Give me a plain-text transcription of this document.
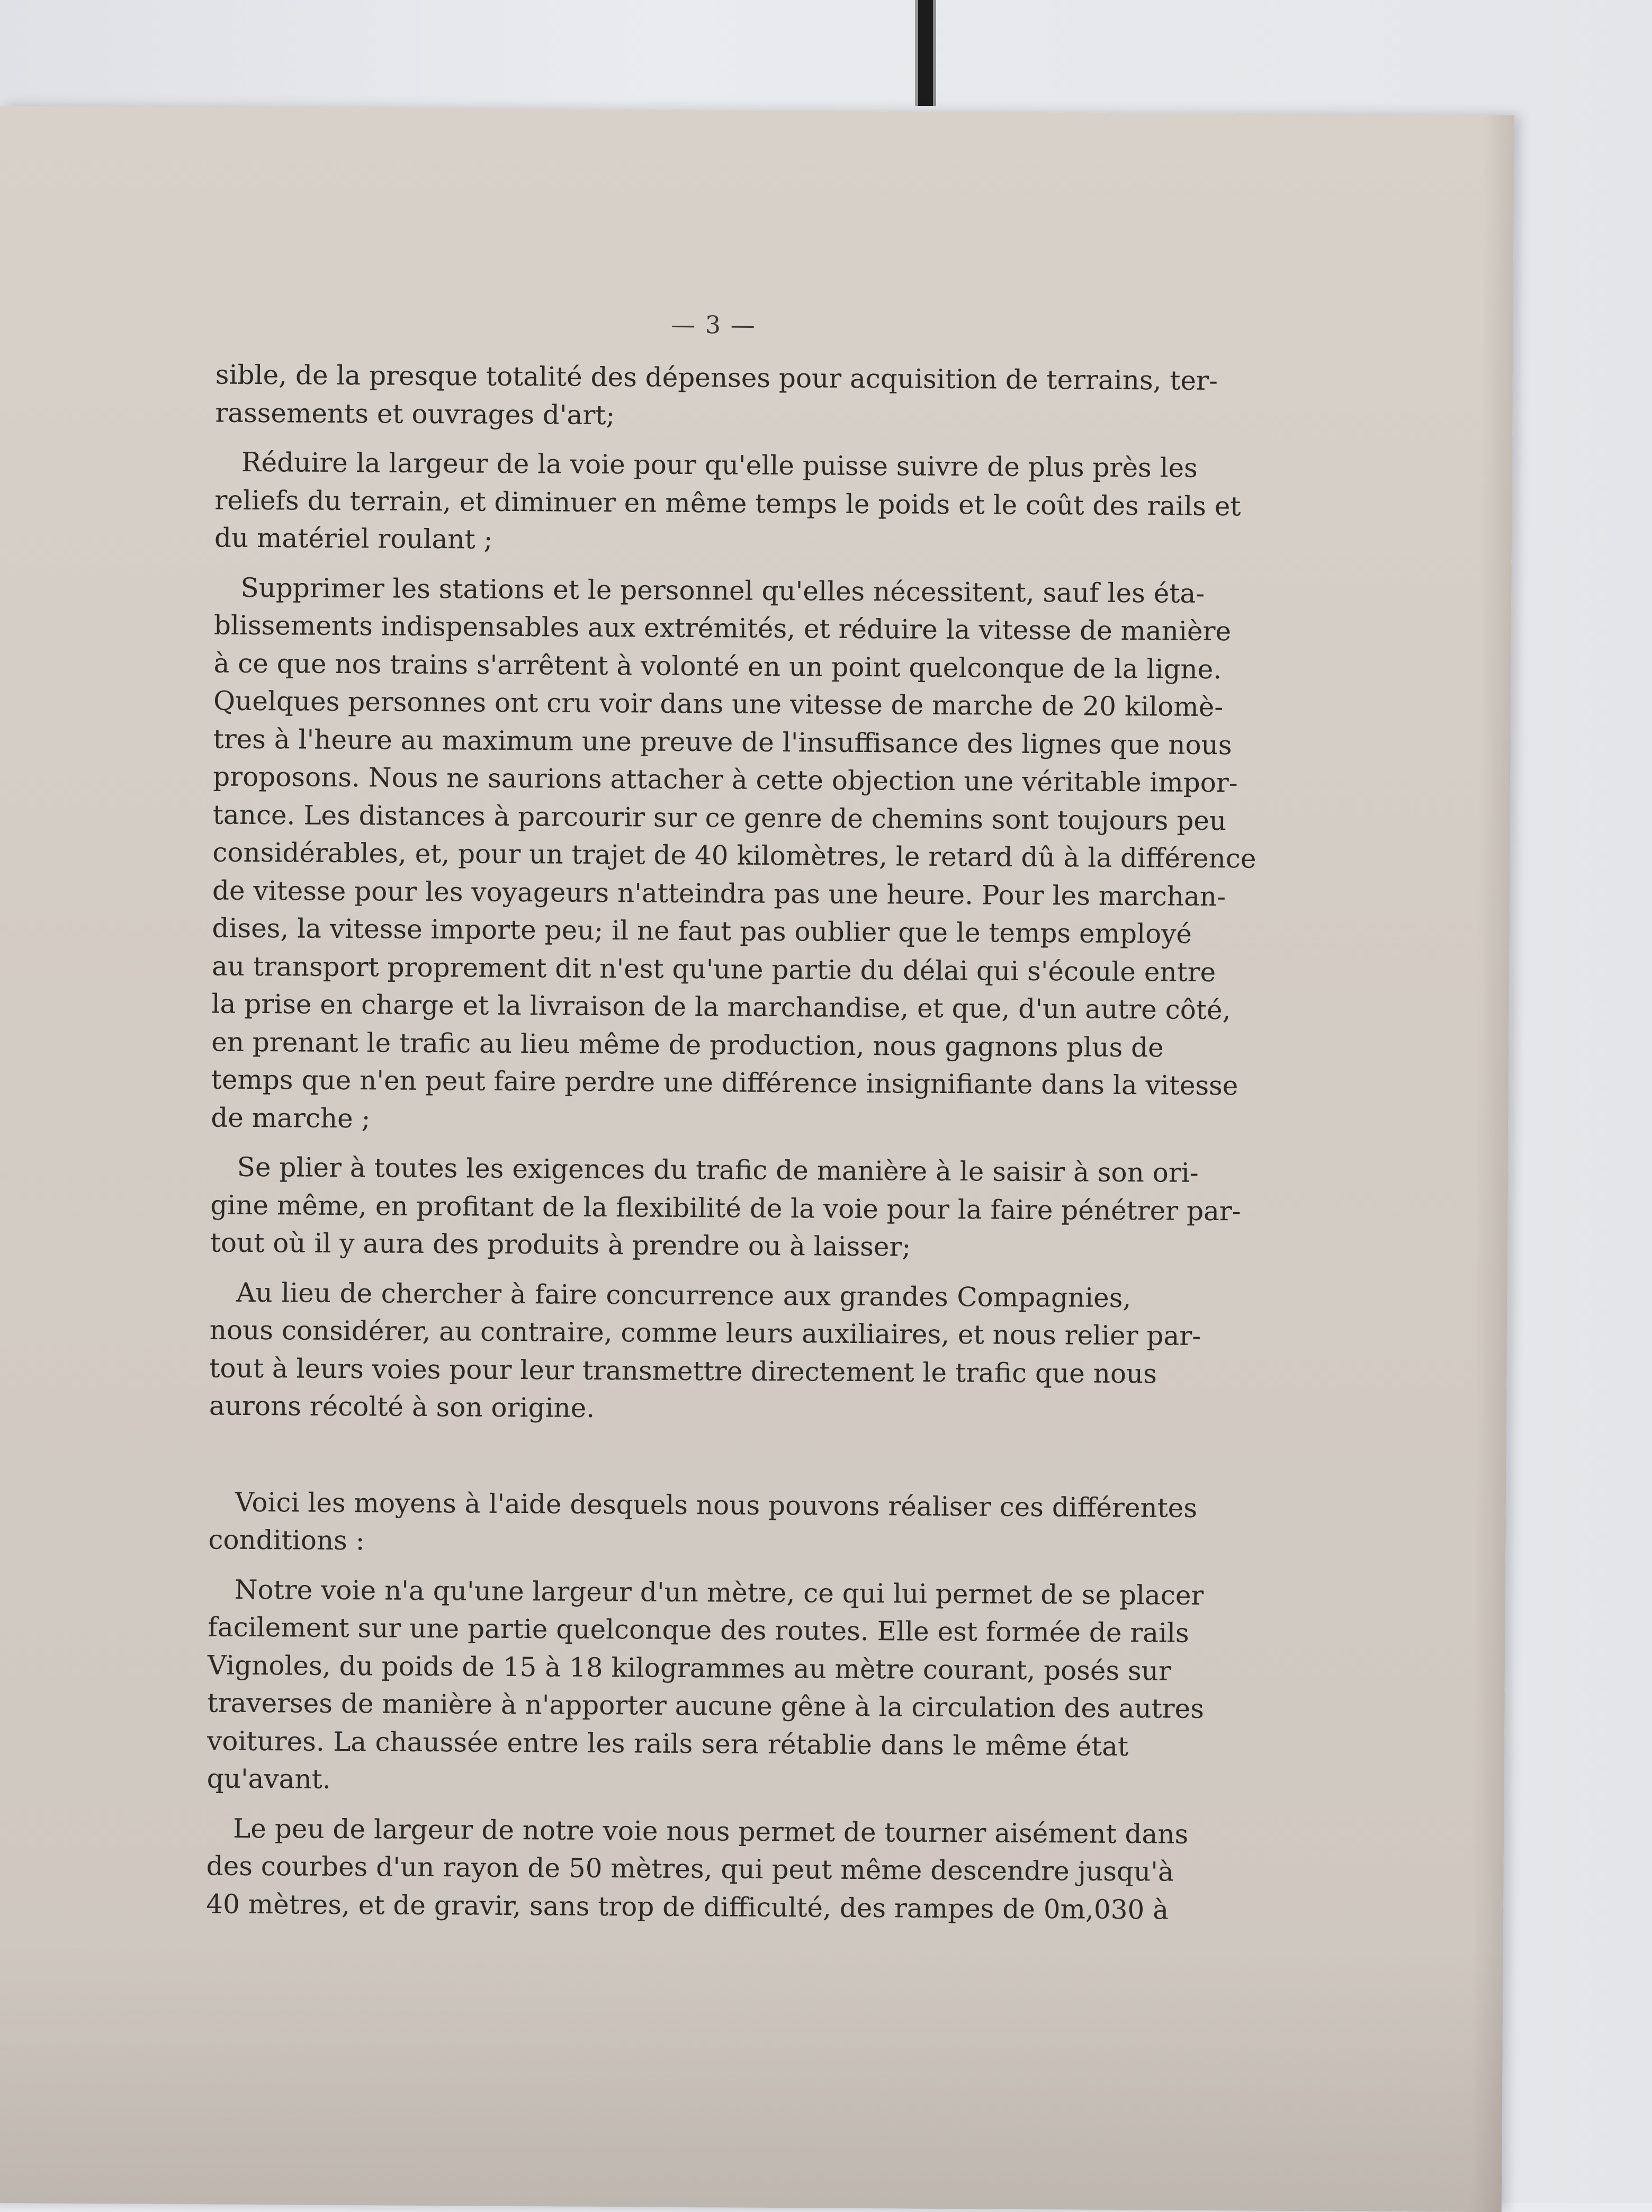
— 3 —
sible, de la presque totalité des dépenses pour acquisition de terrains, ter-
rassements et ouvrages d'art;
Réduire la largeur de la voie pour qu'elle puisse suivre de plus près les
reliefs du terrain, et diminuer en même temps le poids et le coût des rails et
du matériel roulant ;
Supprimer les stations et le personnel qu'elles nécessitent, sauf les éta-
blissements indispensables aux extrémités, et réduire la vitesse de manière
à ce que nos trains s'arrêtent à volonté en un point quelconque de la ligne.
Quelques personnes ont cru voir dans une vitesse de marche de 20 kilomè-
tres à l'heure au maximum une preuve de l'insuffisance des lignes que nous
proposons. Nous ne saurions attacher à cette objection une véritable impor-
tance. Les distances à parcourir sur ce genre de chemins sont toujours peu
considérables, et, pour un trajet de 40 kilomètres, le retard dû à la différence
de vitesse pour les voyageurs n'atteindra pas une heure. Pour les marchan-
dises, la vitesse importe peu; il ne faut pas oublier que le temps employé
au transport proprement dit n'est qu'une partie du délai qui s'écoule entre
la prise en charge et la livraison de la marchandise, et que, d'un autre côté,
en prenant le trafic au lieu même de production, nous gagnons plus de
temps que n'en peut faire perdre une différence insignifiante dans la vitesse
de marche ;
Se plier à toutes les exigences du trafic de manière à le saisir à son ori-
gine même, en profitant de la flexibilité de la voie pour la faire pénétrer par-
tout où il y aura des produits à prendre ou à laisser;
Au lieu de chercher à faire concurrence aux grandes Compagnies,
nous considérer, au contraire, comme leurs auxiliaires, et nous relier par-
tout à leurs voies pour leur transmettre directement le trafic que nous
aurons récolté à son origine.
Voici les moyens à l'aide desquels nous pouvons réaliser ces différentes
conditions :
Notre voie n'a qu'une largeur d'un mètre, ce qui lui permet de se placer
facilement sur une partie quelconque des routes. Elle est formée de rails
Vignoles, du poids de 15 à 18 kilogrammes au mètre courant, posés sur
traverses de manière à n'apporter aucune gêne à la circulation des autres
voitures. La chaussée entre les rails sera rétablie dans le même état
qu'avant.
Le peu de largeur de notre voie nous permet de tourner aisément dans
des courbes d'un rayon de 50 mètres, qui peut même descendre jusqu'à
40 mètres, et de gravir, sans trop de difficulté, des rampes de 0m,030 à
